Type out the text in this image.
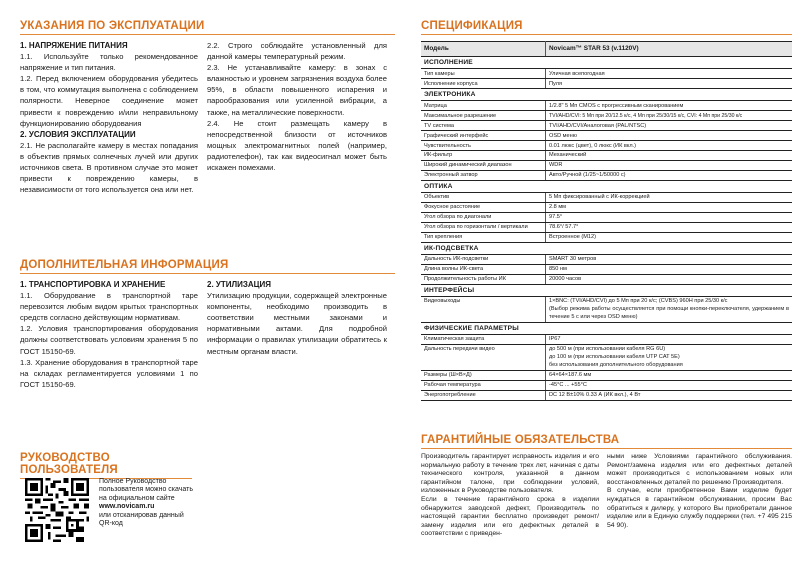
УКАЗАНИЯ ПО ЭКСПЛУАТАЦИИ

1. НАПРЯЖЕНИЕ ПИТАНИЯ

1.1. Используйте только рекомендованное напряжение и тип питания.

1.2. Перед включением оборудования убедитесь в том, что коммутация выполнена с соблюдением полярности. Неверное соединение может привести к повреждению и/или неправильному функционированию оборудования

2. УСЛОВИЯ ЭКСПЛУАТАЦИИ

2.1. Не располагайте камеру в местах попадания в объектив прямых солнечных лучей или других источников света. В противном случае это может привести к повреждению камеры, в независимости от того используется она или нет.

2.2. Строго соблюдайте установленный для данной камеры температурный режим.

2.3. Не устанавливайте камеру: в зонах с влажностью и уровнем загрязнения воздуха более 95%, в области повышенного испарения и парообразования или усиленной вибрации, а также, на металлические поверхности.

2.4. Не стоит размещать камеру в непосредственной близости от источников мощных электромагнитных полей (например, радиотелефон), так как видеосигнал может быть искажен помехами.

ДОПОЛНИТЕЛЬНАЯ ИНФОРМАЦИЯ

1. ТРАНСПОРТИРОВКА И ХРАНЕНИЕ

1.1. Оборудование в транспортной таре перевозится любым видом крытых транспортных средств согласно действующим нормативам.

1.2. Условия транспортирования оборудования должны соответствовать условиям хранения 5 по ГОСТ 15150-69.

1.3. Хранение оборудования в транспортной таре на складах регламентируется условиями 1 по ГОСТ 15150-69.

2. УТИЛИЗАЦИЯ

Утилизацию продукции, содержащей электронные компоненты, необходимо производить в соответствии местными законами и нормативными актами. Для подробной информации о правилах утилизации обратитесь к местным органам власти.

РУКОВОДСТВО ПОЛЬЗОВАТЕЛЯ
Полное Руководство
пользователя можно скачать
на официальном сайте
www.novicam.ru
или отсканировав данный
QR-код
СПЕЦИФИКАЦИЯ
Модель	Novicam™ STAR 53 (v.1120V)
ИСПОЛНЕНИЕ	
Тип камеры	Уличная всепогодная
Исполнение корпуса	Пуля
ЭЛЕКТРОНИКА	
Матрица	1/2.8" 5 Мп CMOS с прогрессивным сканированием
Максимальное разрешение	TVI/AHD/CVI: 5 Мп при 20/12.5 к/с, 4 Мп при 25/30/15 к/с, CVI: 4 Мп при 25/30 к/с
TV система	TVI/AHD/CVI/Аналоговая (PAL/NTSC)
Графический интерфейс	OSD меню
Чувствительность	0.01 люкс (цвет), 0 люкс (ИК вкл.)
ИК-фильтр	Механический
Широкий динамический диапазон	WDR
Электронный затвор	Авто/Ручной (1/25~1/50000 с)
ОПТИКА	
Объектив	5 Мп фиксированный с ИК-коррекцией
Фокусное расстояние	2.8 мм
Угол обзора по диагонали	97.5°
Угол обзора по горизонтали / вертикали	78.6°/ 57.7°
Тип крепления	Встроенное (M12)
ИК-ПОДСВЕТКА	
Дальность ИК-подсветки	SMART 30 метров
Длина волны ИК-света	850 нм
Продолжительность работы ИК	20000 часов
ИНТЕРФЕЙСЫ	
Видеовыходы	1×BNC: (TVI/AHD/CVI) до 5 Мп при 20 к/с; (CVBS) 960H при 25/30 к/с
(Выбор режима работы осуществляется при помощи кнопки-переключателя, удержанием в течение 5 с или через OSD меню)

ФИЗИЧЕСКИЕ ПАРАМЕТРЫ	
Климатическая защита	IP67
Дальность передачи видео	до 500 м (при использовании кабеля RG 6U)
до 100 м (при использовании кабеля UTP CAT 5E)
без использования дополнительного оборудования

Размеры (Ш×В×Д)	64×64×187.6 мм
Рабочая температура	-45°C ... +55°C
Энергопотребление	DC 12 В±10% 0.33 А (ИК вкл.), 4 Вт
ГАРАНТИЙНЫЕ ОБЯЗАТЕЛЬСТВА
Производитель гарантирует исправность изделия и его нормальную работу в течение трех лет, начиная с даты технического контроля, указанной в данном гарантийном талоне, при соблюдении условий, изложенных в Руководстве пользователя.
Если в течение гарантийного срока в изделии обнаружится заводской дефект, Производитель по настоящей гарантии бесплатно произведет ремонт/замену изделия или его дефектных деталей в соответствии с приведен-
ными ниже Условиями гарантийного обслуживания. Ремонт/замена изделия или его дефектных деталей может производиться с использованием новых или восстановленных деталей по решению Производителя.
В случае, если приобретенное Вами изделие будет нуждаться в гарантийном обслуживании, просим Вас обратиться к дилеру, у которого Вы приобретали данное изделие или в Единую службу поддержки (тел. +7 495 215 54 90).
